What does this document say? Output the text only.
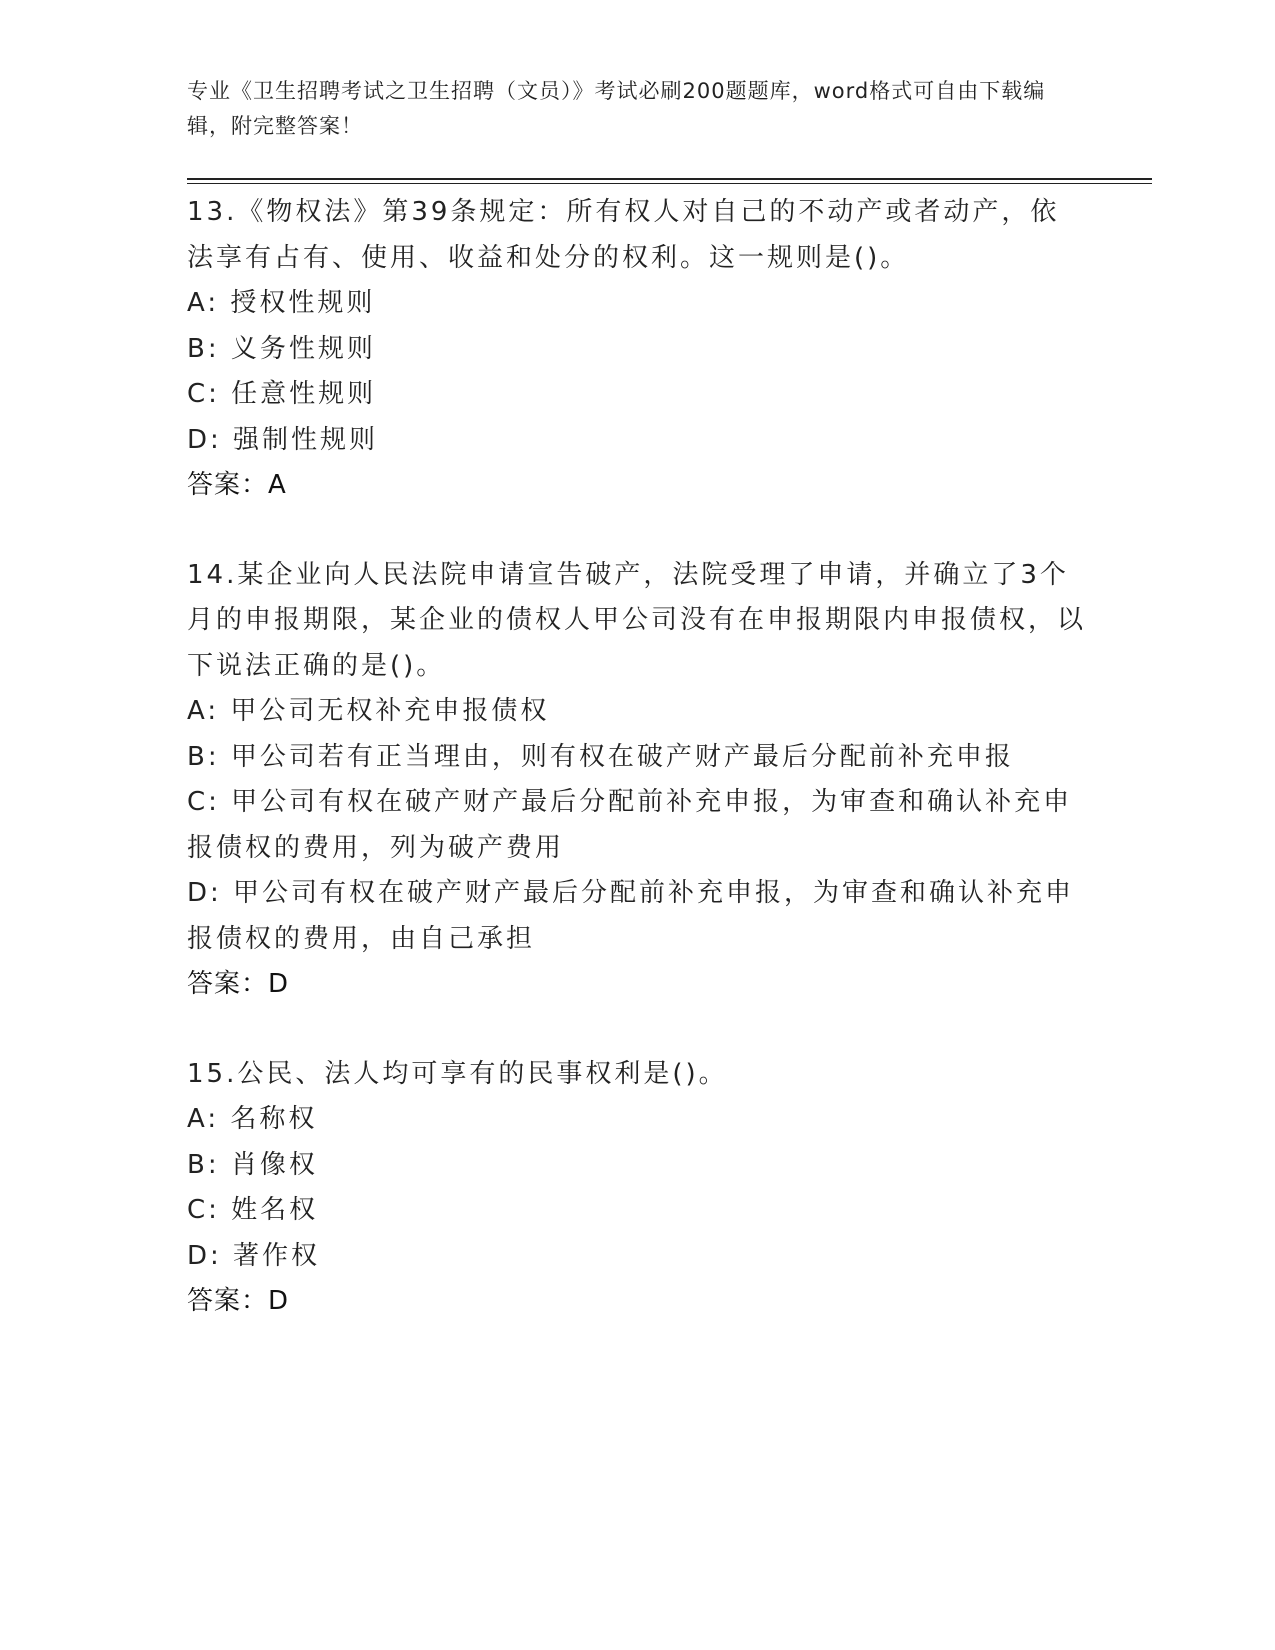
专业《卫生招聘考试之卫生招聘（文员）》考试必刷200题题库，word格式可自由下载编辑，附完整答案！

13.《物权法》第39条规定：所有权人对自己的不动产或者动产，依法享有占有、使用、收益和处分的权利。这一规则是()。

A: 授权性规则

B: 义务性规则

C: 任意性规则

D: 强制性规则

答案：A

14.某企业向人民法院申请宣告破产，法院受理了申请，并确立了3个月的申报期限，某企业的债权人甲公司没有在申报期限内申报债权，以下说法正确的是()。

A: 甲公司无权补充申报债权

B: 甲公司若有正当理由，则有权在破产财产最后分配前补充申报

C: 甲公司有权在破产财产最后分配前补充申报，为审查和确认补充申报债权的费用，列为破产费用

D: 甲公司有权在破产财产最后分配前补充申报，为审查和确认补充申报债权的费用，由自己承担

答案：D

15.公民、法人均可享有的民事权利是()。

A: 名称权

B: 肖像权

C: 姓名权

D: 著作权

答案：D
